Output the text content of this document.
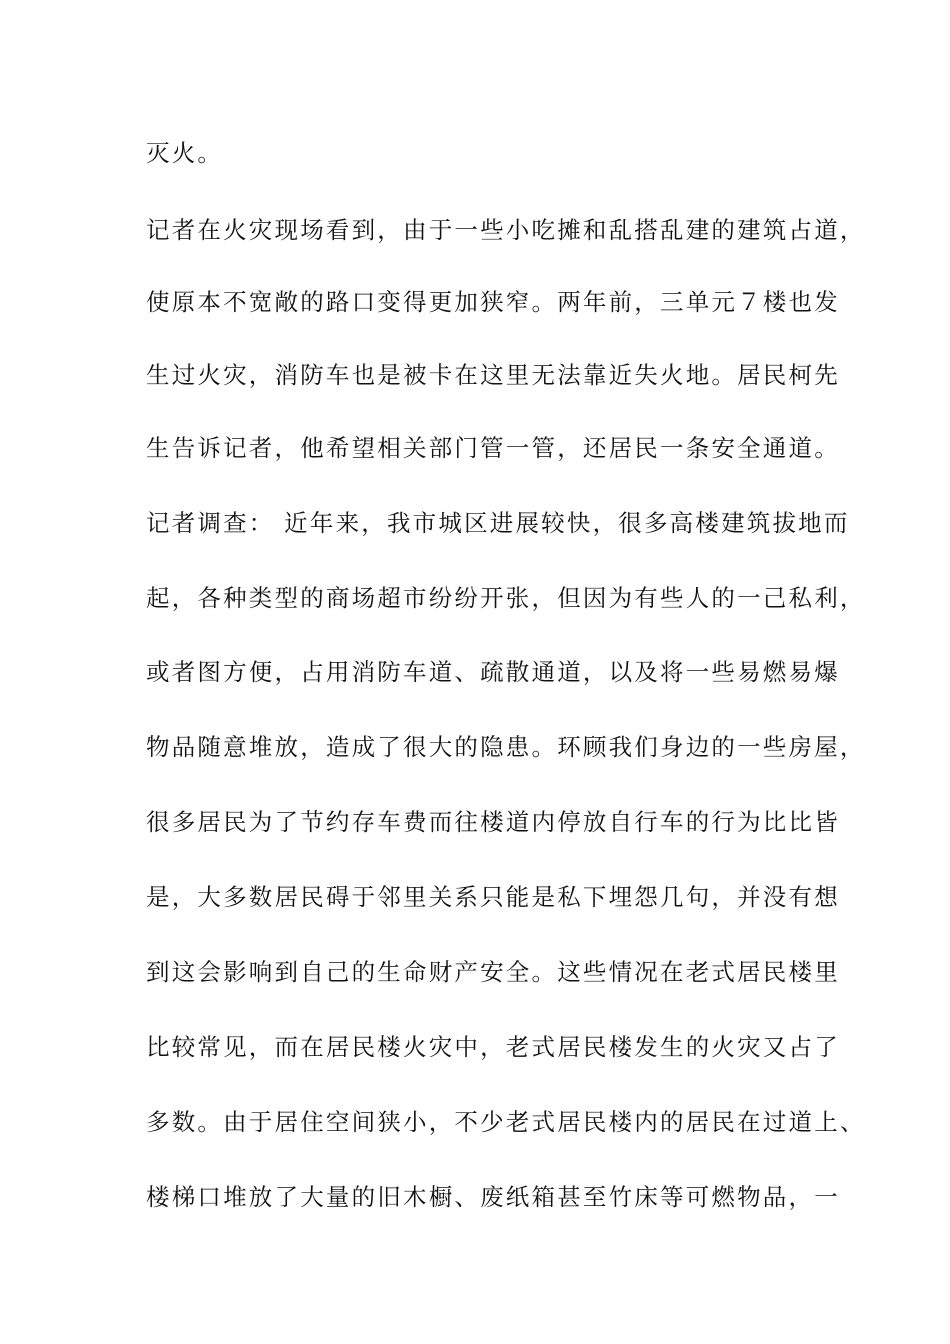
灭火。
记者在火灾现场看到，由于一些小吃摊和乱搭乱建的建筑占道，
使原本不宽敞的路口变得更加狭窄。两年前，三单元７楼也发
生过火灾，消防车也是被卡在这里无法靠近失火地。居民柯先
生告诉记者，他希望相关部门管一管，还居民一条安全通道。
记者调查： 近年来，我市城区进展较快，很多高楼建筑拔地而
起，各种类型的商场超市纷纷开张，但因为有些人的一己私利，
或者图方便，占用消防车道、疏散通道，以及将一些易燃易爆
物品随意堆放，造成了很大的隐患。环顾我们身边的一些房屋，
很多居民为了节约存车费而往楼道内停放自行车的行为比比皆
是，大多数居民碍于邻里关系只能是私下埋怨几句，并没有想
到这会影响到自己的生命财产安全。这些情况在老式居民楼里
比较常见，而在居民楼火灾中，老式居民楼发生的火灾又占了
多数。由于居住空间狭小，不少老式居民楼内的居民在过道上、
楼梯口堆放了大量的旧木橱、废纸箱甚至竹床等可燃物品，一
